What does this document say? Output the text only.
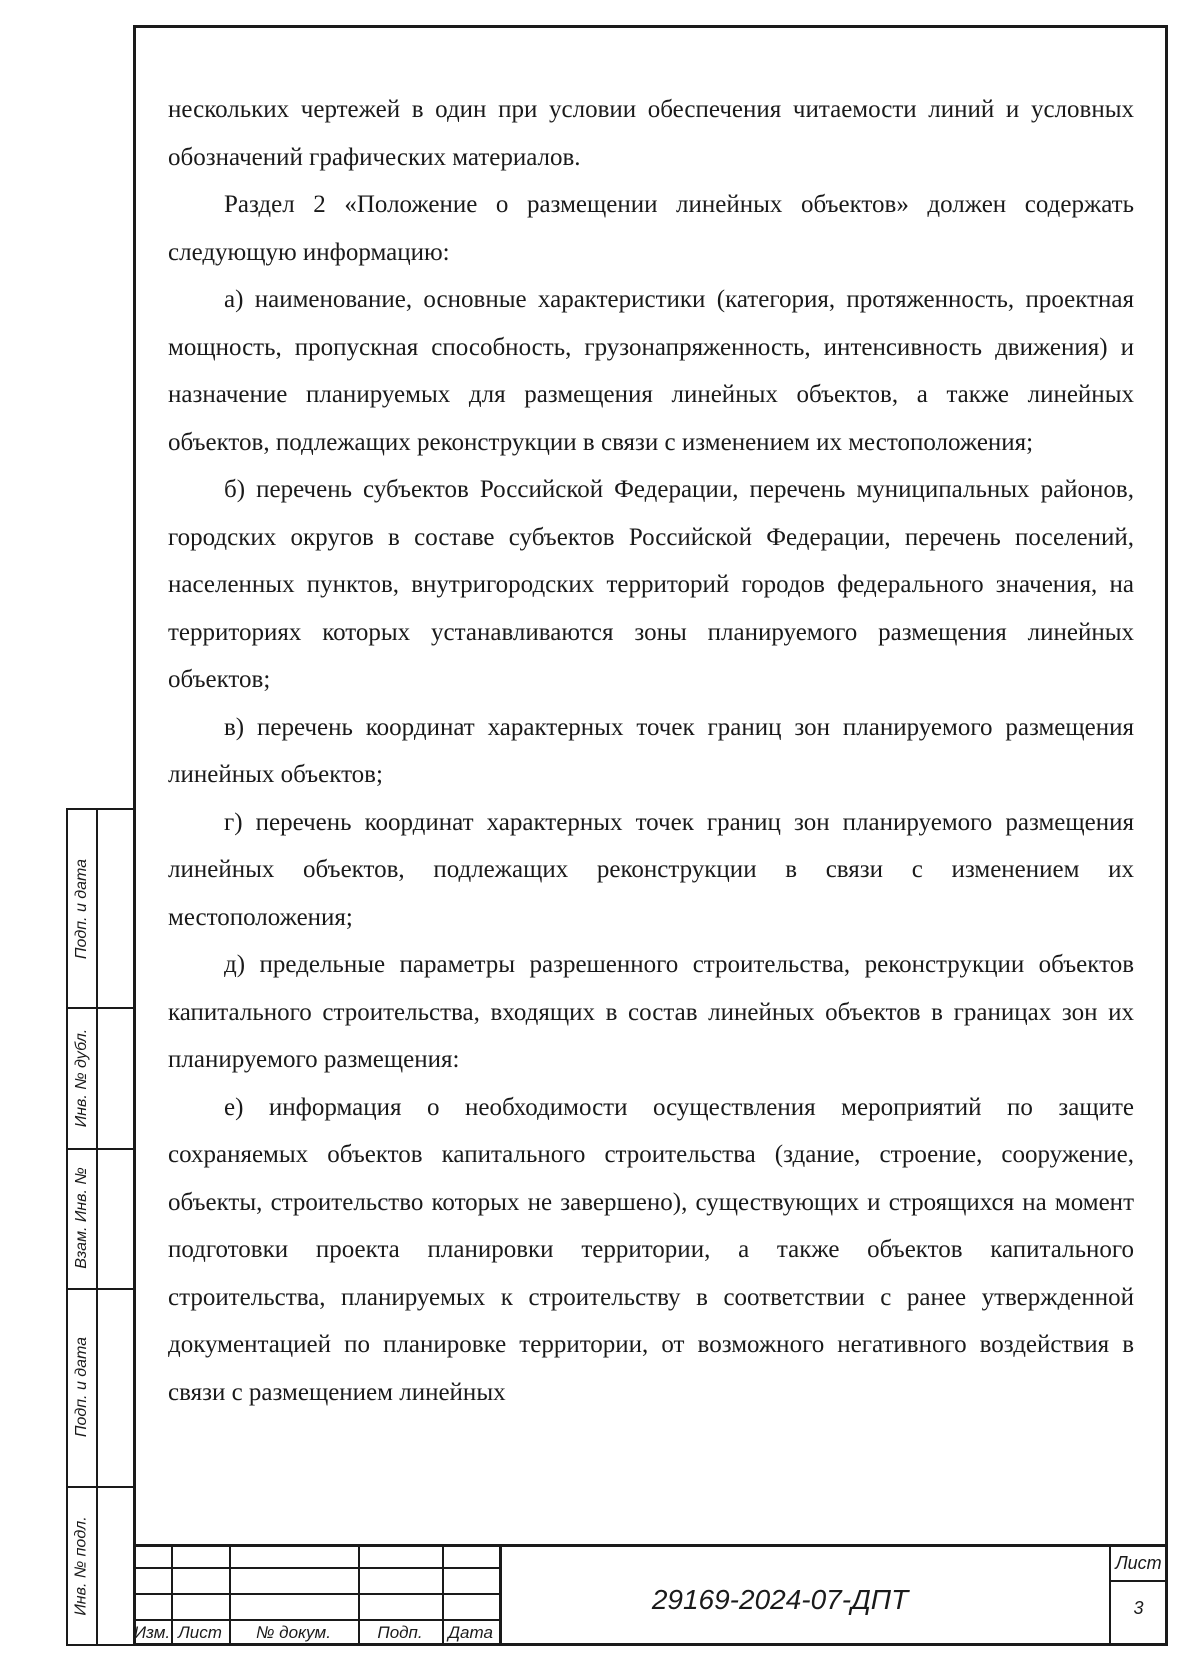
нескольких чертежей в один при условии обеспечения читаемости линий и условных обозначений графических материалов.

Раздел 2 «Положение о размещении линейных объектов» должен содержать следующую информацию:

а) наименование, основные характеристики (категория, протяженность, проектная мощность, пропускная способность, грузонапряженность, интенсивность движения) и назначение планируемых для размещения линейных объектов, а также линейных объектов, подлежащих реконструкции в связи с изменением их местоположения;

б) перечень субъектов Российской Федерации, перечень муниципальных районов, городских округов в составе субъектов Российской Федерации, перечень поселений, населенных пунктов, внутригородских территорий городов федерального значения, на территориях которых устанавливаются зоны планируемого размещения линейных объектов;

в) перечень координат характерных точек границ зон планируемого размещения линейных объектов;

г) перечень координат характерных точек границ зон планируемого размещения линейных объектов, подлежащих реконструкции в связи с изменением их местоположения;

д) предельные параметры разрешенного строительства, реконструкции объектов капитального строительства, входящих в состав линейных объектов в границах зон их планируемого размещения:

е) информация о необходимости осуществления мероприятий по защите сохраняемых объектов капитального строительства (здание, строение, сооружение, объекты, строительство которых не завершено), существующих и строящихся на момент подготовки проекта планировки территории, а также объектов капитального строительства, планируемых к строительству в соответствии с ранее утвержденной документацией по планировке территории, от возможного негативного воздействия в связи с размещением линейных

Подп. и дата
Инв. № дубл.
Взам. Инв. №
Подп. и дата
Инв. № подл.
Изм. Лист	№ докум.	Подп.	Дата
29169-2024-07-ДПТ
Лист
3
